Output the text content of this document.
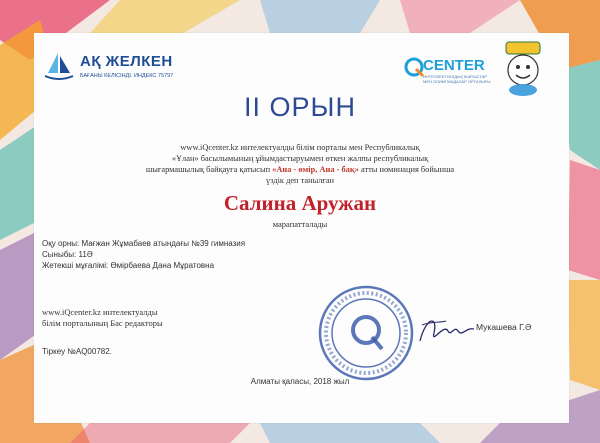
АҚ ЖЕЛКЕН
БАҒАНЫ КЕЛІСІНДІ. ИНДЕКС 75797
CENTER
ИНТЕЛЛЕКТУАЛДЫҚ ЖАРЫСТАР МЕН ОЛИМПИАДАЛАР ОРТАЛЫҒЫ
II ОРЫН
www.iQcenter.kz интелектуалды білім порталы мен Республикалық
«Ұлан» басылымының ұйымдастыруымен өткен жалпы республикалық
шығармашылық байқауға қатысып «Ана - өмір, Ана - бақ» атты номинация бойынша
үздік деп танылған
Салина Аружан
марапатталады
Оқу орны: Мағжан Жұмабаев атындағы №39 гимназия
Сыныбы: 11Ә
Жетекші мұғалімі: Өмірбаева Дана Мұратовна
www.iQcenter.kz интелектуалды
білім порталының Бас редакторы
Тіркеу №AQ00782.
Мукашева Г.Ә
Алматы қаласы, 2018 жыл
